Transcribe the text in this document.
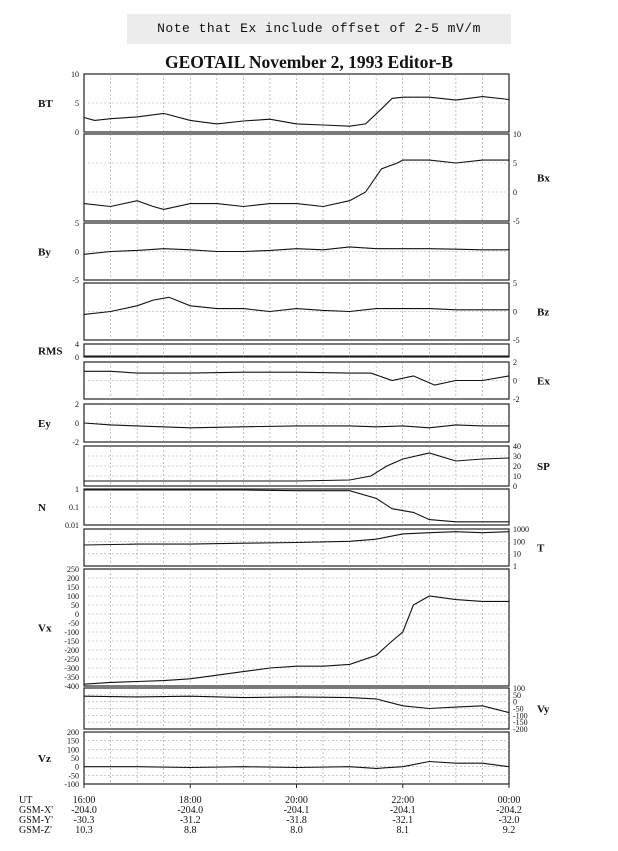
Note that Ex include offset of 2-5 mV/m
GEOTAIL November 2, 1993 Editor-B
10
5
0
BT
10
5
0
-5
Bx
5
0
-5
By
5
0
-5
Bz
4
0
RMS
2
0
-2
Ex
2
0
-2
Ey
40
30
20
10
0
SP
1
0.1
0.01
N
1000
100
10
1
T
250
200
150
100
50
0
-50
-100
-150
-200
-250
-300
-350
-400
Vx
100
50
0
-50
-100
-150
-200
Vy
200
150
100
50
0
-50
-100
Vz
UT	16:00	18:00	20:00	22:00	00:00
GSM-X' -204.0	-204.0	-204.1	-204.1	-204.2
GSM-Y' -30.3	-31.2	-31.8	-32.1	-32.0
GSM-Z' 10.3	8.8	8.0	8.1	9.2
